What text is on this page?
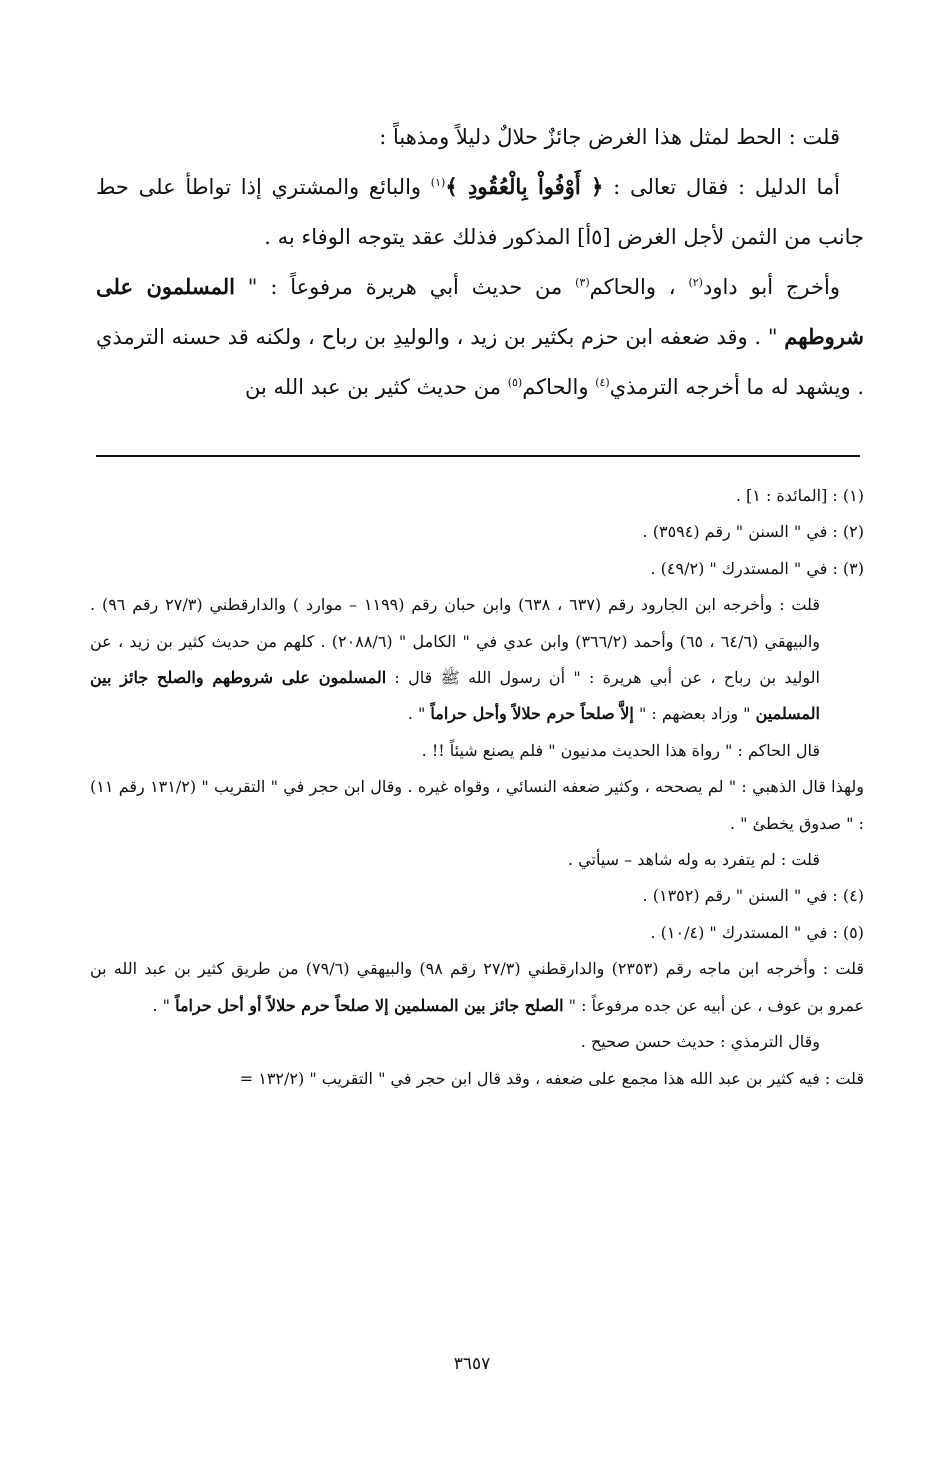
قلت : الحط لمثل هذا الغرض جائزٌ حلالٌ دليلاً ومذهباً :

أما الدليل : فقال تعالى : ﴿ أَوْفُواْ بِالْعُقُودِ ﴾$^{(١)}$ والبائع والمشتري إذا تواطأ على حط جانب من الثمن لأجل الغرض [٥أ] المذكور فذلك عقد يتوجه الوفاء به .

وأخرج أبو داود$^{(٢)}$ ، والحاكم$^{(٣)}$ من حديث أبي هريرة مرفوعاً : " المسلمون على شروطهم " . وقد ضعفه ابن حزم بكثير بن زيد ، والوليدِ بن رباح ، ولكنه قد حسنه الترمذي . ويشهد له ما أخرجه الترمذي$^{(٤)}$ والحاكم$^{(٥)}$ من حديث كثير بن عبد الله بن

(١) : [المائدة : ١] .

(٢) : في " السنن " رقم (٣٥٩٤) .

(٣) : في " المستدرك " (٤٩/٢) .

قلت : وأخرجه ابن الجارود رقم (٦٣٧ ، ٦٣٨) وابن حبان رقم (١١٩٩ – موارد ) والدارقطني (٢٧/٣ رقم ٩٦) . والبيهقي (٦٤/٦ ، ٦٥) وأحمد (٣٦٦/٢) وابن عدي في " الكامل " (٢٠٨٨/٦) . كلهم من حديث كثير بن زيد ، عن الوليد بن رباح ، عن أبي هريرة : " أن رسول الله ﷺ قال : المسلمون على شروطهم والصلح جائز بين المسلمين " وزاد بعضهم : " إلاَّ صلحاً حرم حلالاً وأحل حراماً " .

قال الحاكم : " رواة هذا الحديث مدنيون " فلم يصنع شيئاً !! .

ولهذا قال الذهبي : " لم يصححه ، وكثير ضعفه النسائي ، وقواه غيره . وقال ابن حجر في " التقريب " (١٣١/٢ رقم ١١) : " صدوق يخطئ " .

قلت : لم يتفرد به وله شاهد – سيأتي .

(٤) : في " السنن " رقم (١٣٥٢) .

(٥) : في " المستدرك " (١٠/٤) .

قلت : وأخرجه ابن ماجه رقم (٢٣٥٣) والدارقطني (٢٧/٣ رقم ٩٨) والبيهقي (٧٩/٦) من طريق كثير بن عبد الله بن عمرو بن عوف ، عن أبيه عن جده مرفوعاً : " الصلح جائز بين المسلمين إلا صلحاً حرم حلالاً أو أحل حراماً " .

وقال الترمذي : حديث حسن صحيح .

قلت : فيه كثير بن عبد الله هذا مجمع على ضعفه ، وقد قال ابن حجر في " التقريب " (١٣٢/٢ =

٣٦٥٧
